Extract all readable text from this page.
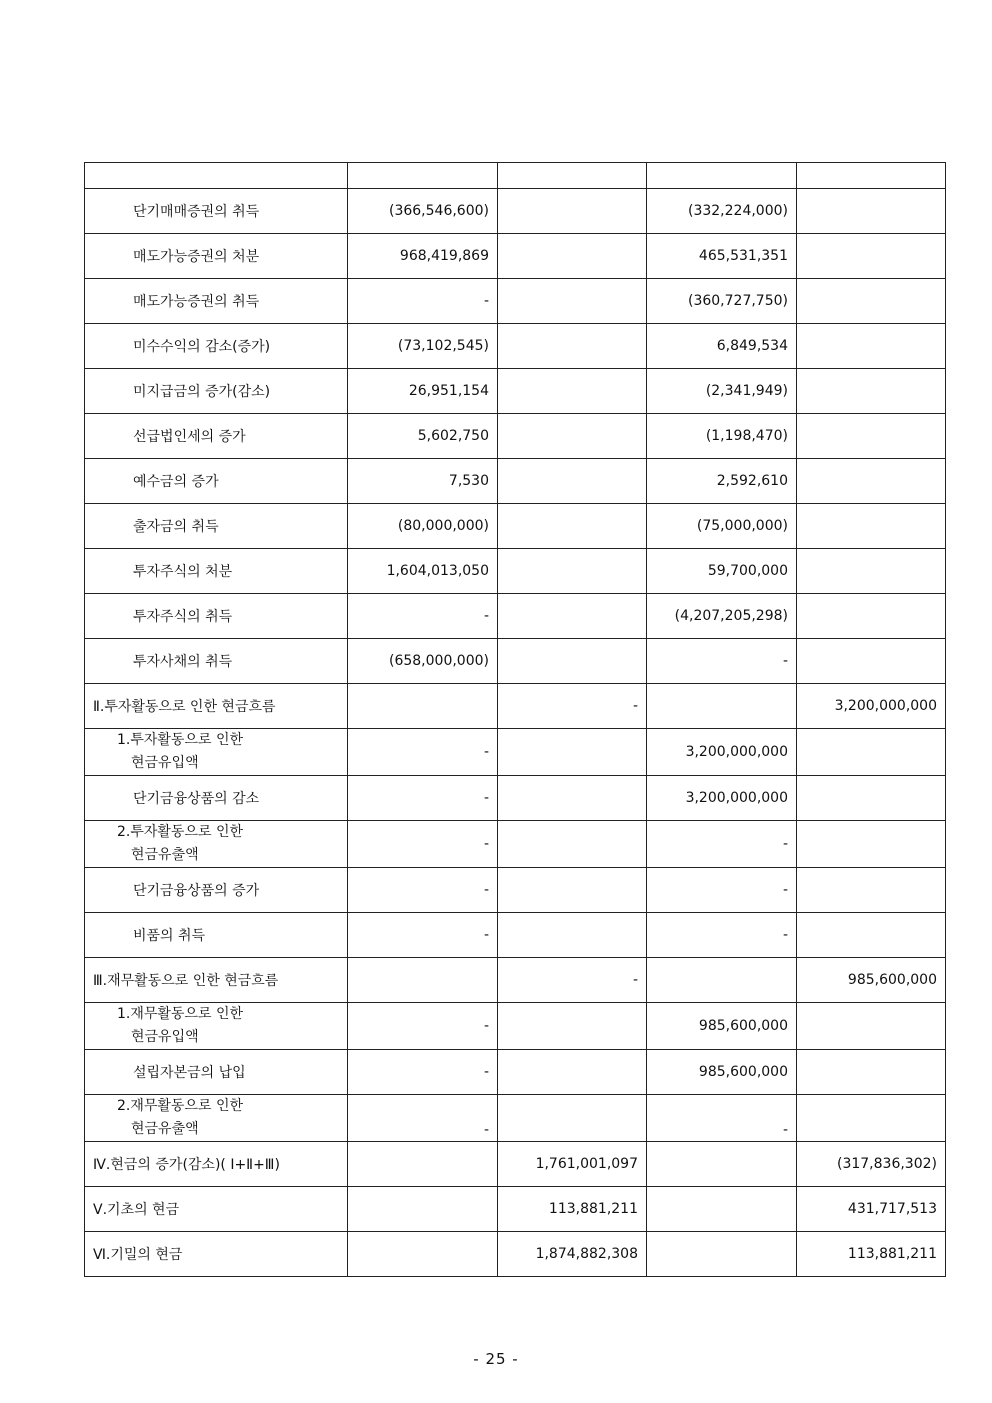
단기매매증권의 취득	(366,546,600)		(332,224,000)	
매도가능증권의 처분	968,419,869		465,531,351	
매도가능증권의 취득	-		(360,727,750)	
미수수익의 감소(증가)	(73,102,545)		6,849,534	
미지급금의 증가(감소)	26,951,154		(2,341,949)	
선급법인세의 증가	5,602,750		(1,198,470)	
예수금의 증가	7,530		2,592,610	
출자금의 취득	(80,000,000)		(75,000,000)	
투자주식의 처분	1,604,013,050		59,700,000	
투자주식의 취득	-		(4,207,205,298)	
투자사채의 취득	(658,000,000)		-	
Ⅱ.투자활동으로 인한 현금흐름		-		3,200,000,000
1.투자활동으로 인한
현금유입액	-		3,200,000,000	
단기금융상품의 감소	-		3,200,000,000	
2.투자활동으로 인한
현금유출액	-		-	
단기금융상품의 증가	-		-	
비품의 취득	-		-	
Ⅲ.재무활동으로 인한 현금흐름		-		985,600,000
1.재무활동으로 인한
현금유입액	-		985,600,000	
설립자본금의 납입	-		985,600,000	
2.재무활동으로 인한
현금유출액	-		-	
Ⅳ.현금의 증가(감소)( Ⅰ+Ⅱ+Ⅲ)		1,761,001,097		(317,836,302)
Ⅴ.기초의 현금		113,881,211		431,717,513
Ⅵ.기밀의 현금		1,874,882,308		113,881,211
- 25 -
